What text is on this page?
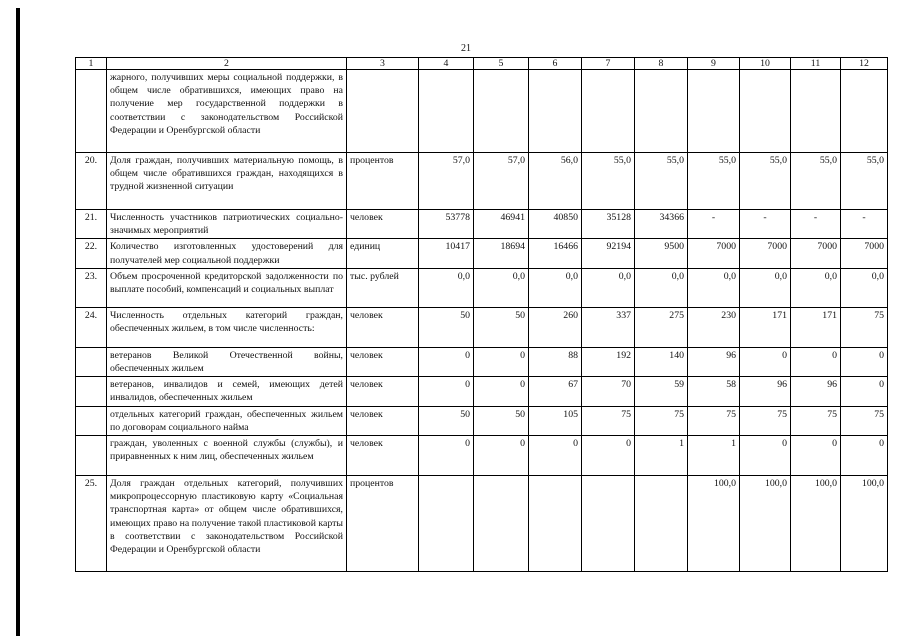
21
1	2	3	4	5	6	7	8	9	10	11	12
	жарного, получивших меры социальной поддержки, в общем числе обратившихся, имеющих право на получение мер государственной поддержки в соответствии с законодательством Российской Федерации и Оренбургской области										
20.	Доля граждан, получивших материальную помощь, в общем числе обратившихся граждан, находящихся в трудной жизненной ситуации	процентов	57,0	57,0	56,0	55,0	55,0	55,0	55,0	55,0	55,0
21.	Численность участников патриотических социально-значимых мероприятий	человек	53778	46941	40850	35128	34366	-	-	-	-
22.	Количество изготовленных удостоверений для получателей мер социальной поддержки	единиц	10417	18694	16466	92194	9500	7000	7000	7000	7000
23.	Объем просроченной кредиторской задолженности по выплате пособий, компенсаций и социальных выплат	тыс. рублей	0,0	0,0	0,0	0,0	0,0	0,0	0,0	0,0	0,0
24.	Численность отдельных категорий граждан, обеспеченных жильем, в том числе численность:	человек	50	50	260	337	275	230	171	171	75
	ветеранов Великой Отечественной войны, обеспеченных жильем	человек	0	0	88	192	140	96	0	0	0
	ветеранов, инвалидов и семей, имеющих детей инвалидов, обеспеченных жильем	человек	0	0	67	70	59	58	96	96	0
	отдельных категорий граждан, обеспеченных жильем по договорам социального найма	человек	50	50	105	75	75	75	75	75	75
	граждан, уволенных с военной службы (службы), и приравненных к ним лиц, обеспеченных жильем	человек	0	0	0	0	1	1	0	0	0
25.	Доля граждан отдельных категорий, получивших микропроцессорную пластиковую карту «Социальная транспортная карта» от общем числе обратившихся, имеющих право на получение такой пластиковой карты в соответствии с законодательством Российской Федерации и Оренбургской области	процентов						100,0	100,0	100,0	100,0
